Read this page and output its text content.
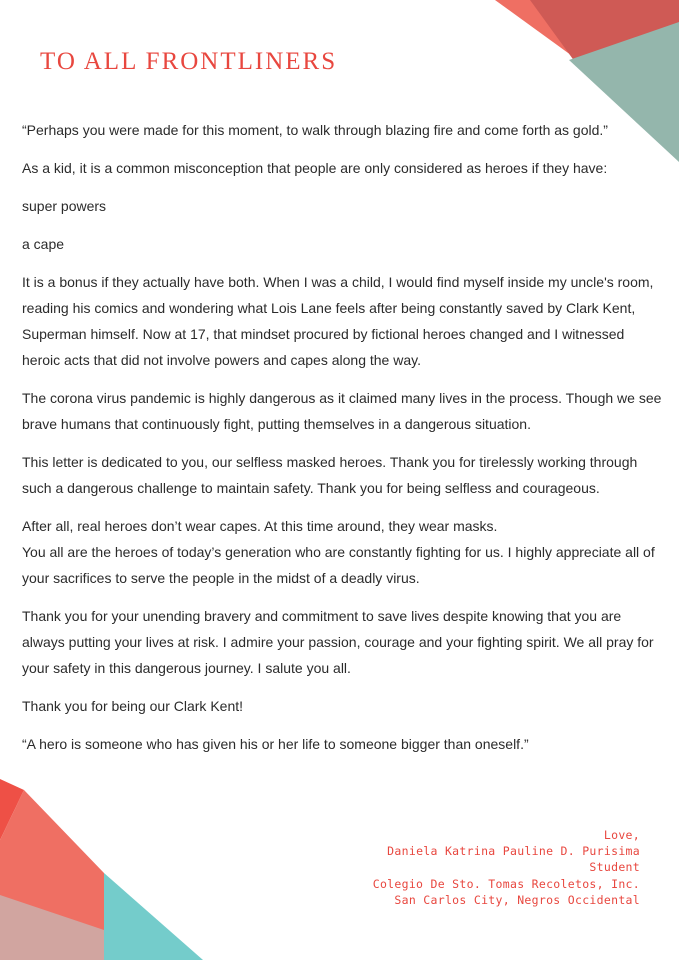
TO ALL FRONTLINERS

“Perhaps you were made for this moment, to walk through blazing fire and come forth as gold.”

As a kid, it is a common misconception that people are only considered as heroes if they have:

super powers

a cape

It is a bonus if they actually have both. When I was a child, I would find myself inside my uncle's room, reading his comics and wondering what Lois Lane feels after being constantly saved by Clark Kent, Superman himself. Now at 17, that mindset procured by fictional heroes changed and I witnessed heroic acts that did not involve powers and capes along the way.

The corona virus pandemic is highly dangerous as it claimed many lives in the process. Though we see brave humans that continuously fight, putting themselves in a dangerous situation.

This letter is dedicated to you, our selfless masked heroes. Thank you for tirelessly working through such a dangerous challenge to maintain safety. Thank you for being selfless and courageous.

After all, real heroes don’t wear capes. At this time around, they wear masks.

You all are the heroes of today’s generation who are constantly fighting for us. I highly appreciate all of your sacrifices to serve the people in the midst of a deadly virus.

Thank you for your unending bravery and commitment to save lives despite knowing that you are always putting your lives at risk. I admire your passion, courage and your fighting spirit. We all pray for your safety in this dangerous journey. I salute you all.

Thank you for being our Clark Kent!

“A hero is someone who has given his or her life to someone bigger than oneself.”

Love,
Daniela Katrina Pauline D. Purisima
Student
Colegio De Sto. Tomas Recoletos, Inc.
San Carlos City, Negros Occidental
